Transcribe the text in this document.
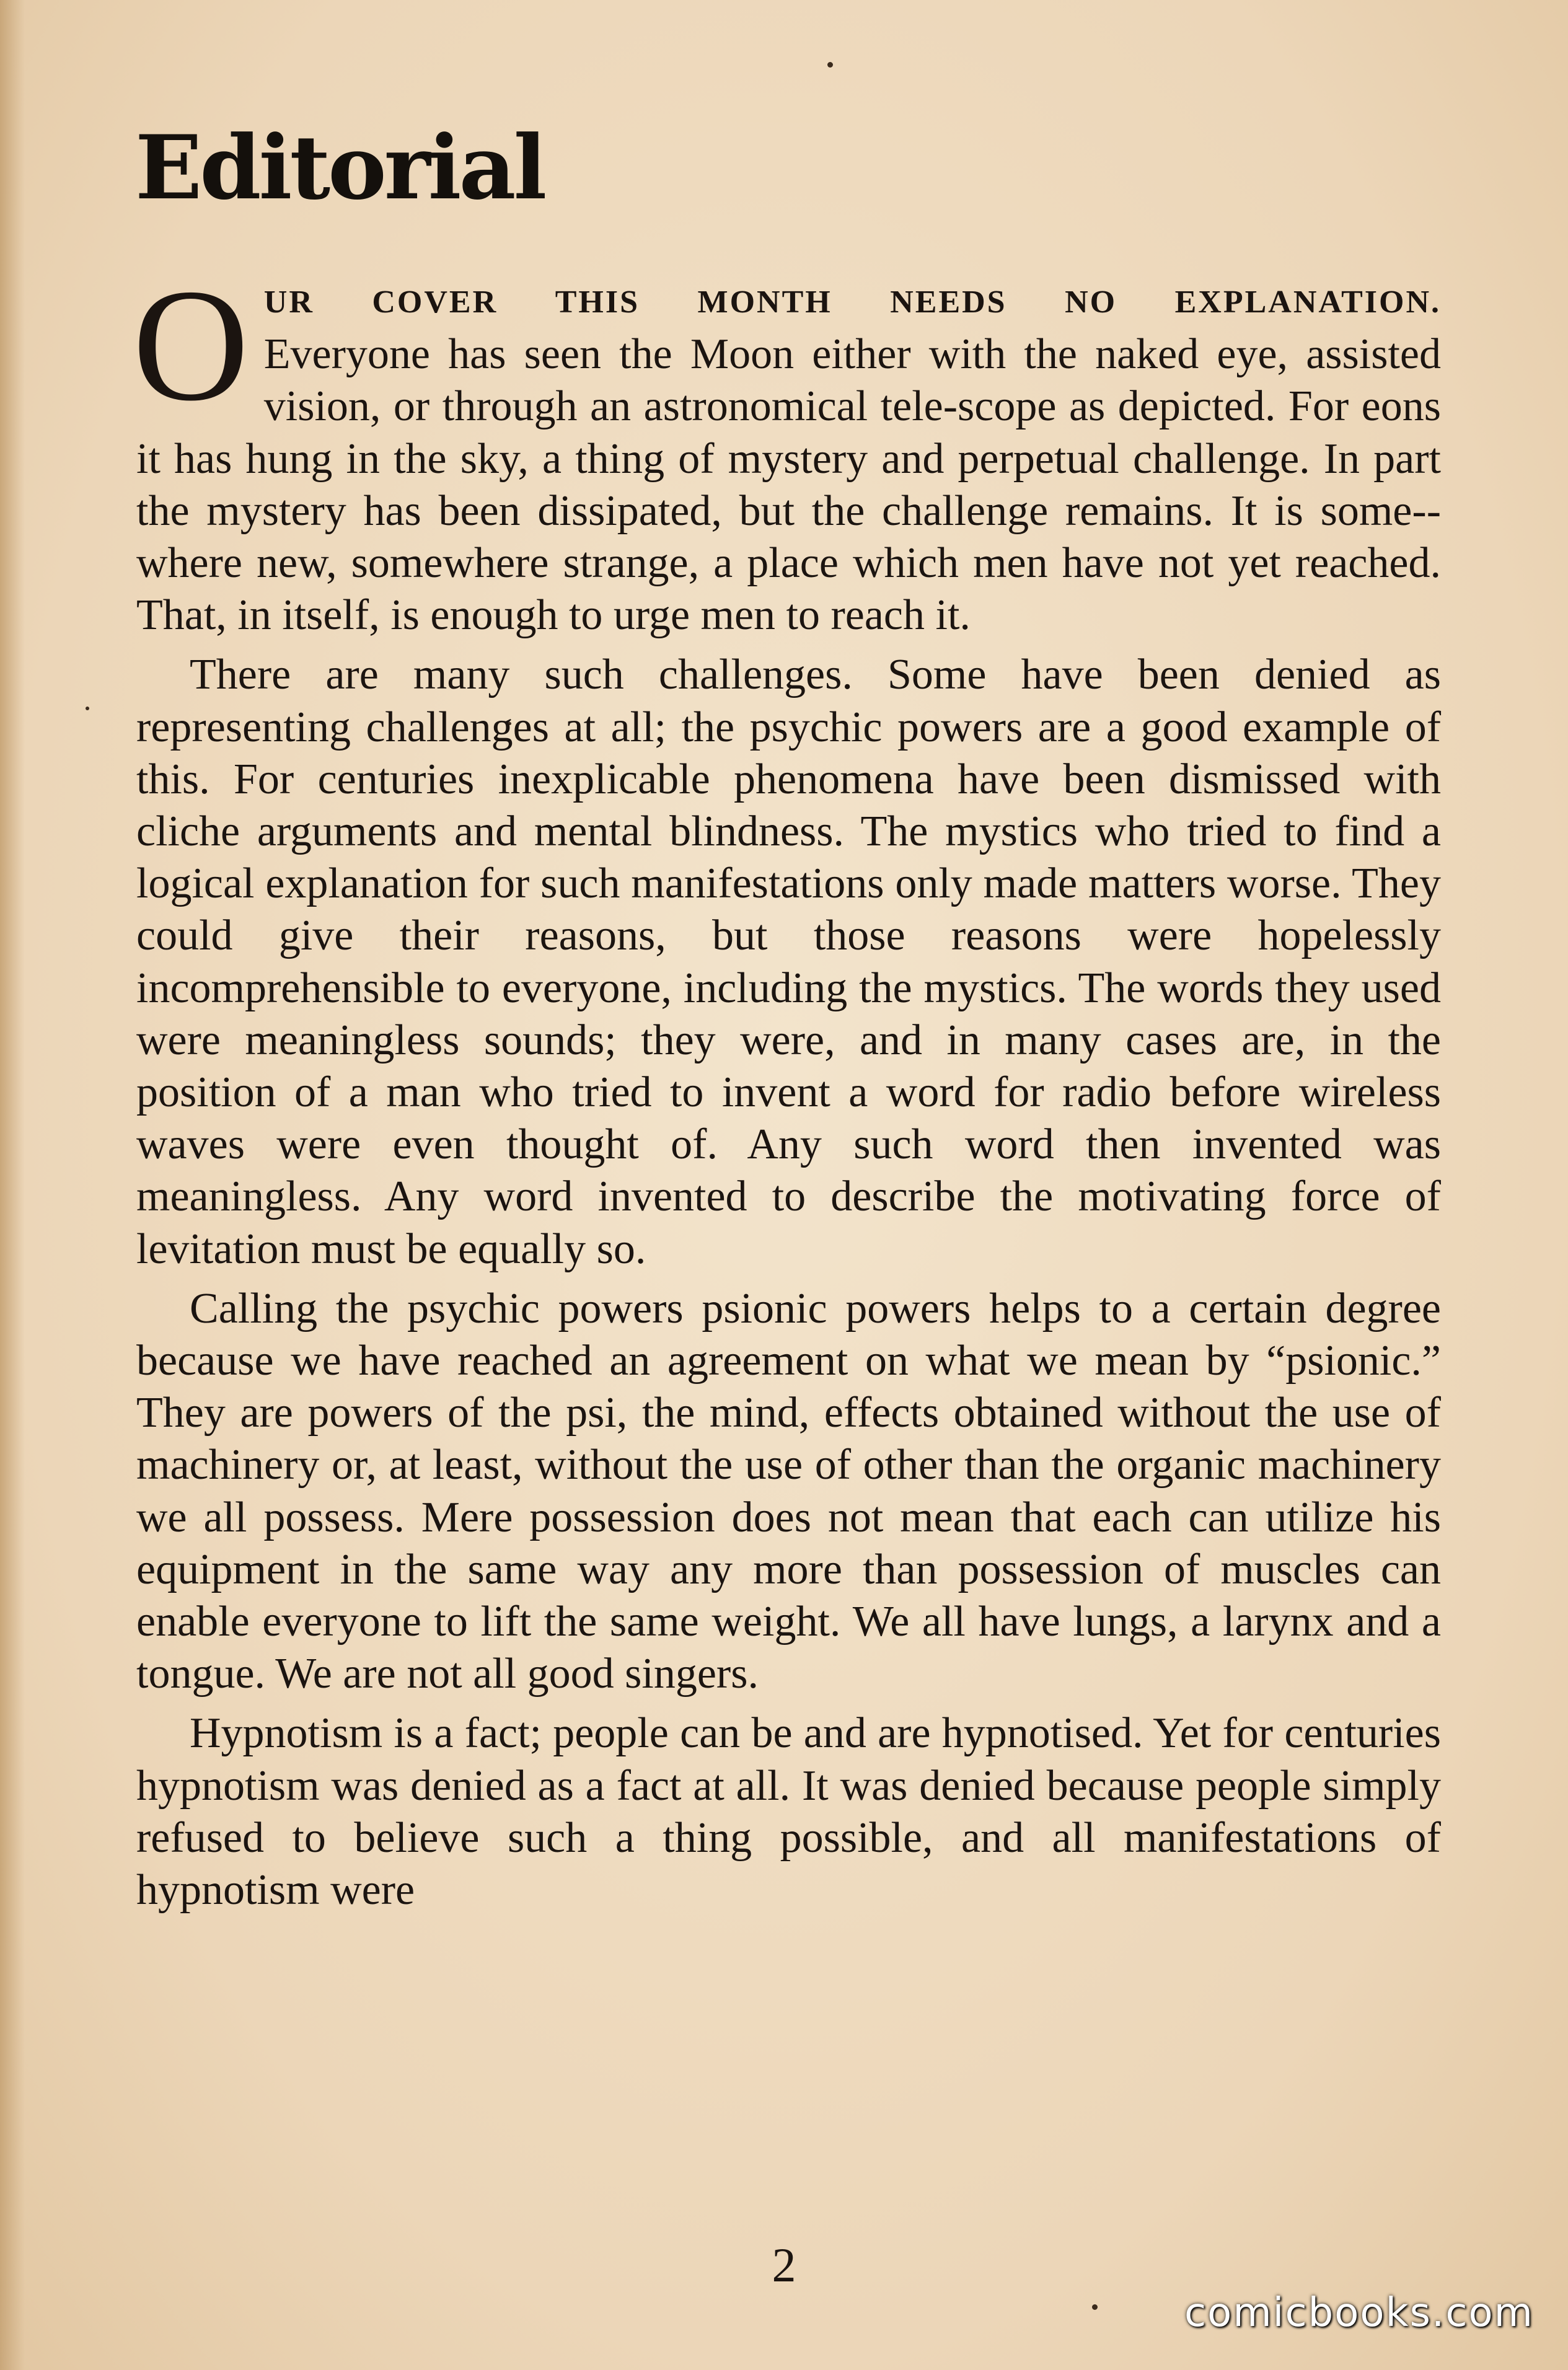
Editorial

OUR COVER THIS MONTH NEEDS NO EXPLANATION. Everyone has seen the Moon either with the naked eye, assisted vision, or through an astronomical tele-scope as depicted. For eons it has hung in the sky, a thing of mystery and perpetual challenge. In part the mystery has been dissipated, but the challenge remains. It is some-where new, somewhere strange, a place which men have not yet reached. That, in itself, is enough to urge men to reach it.

There are many such challenges. Some have been denied as representing challenges at all; the psychic powers are a good example of this. For centuries inexplicable phenomena have been dismissed with cliche arguments and mental blindness. The mystics who tried to find a logical explanation for such manifestations only made matters worse. They could give their reasons, but those reasons were hopelessly incomprehensible to everyone, including the mystics. The words they used were meaningless sounds; they were, and in many cases are, in the position of a man who tried to invent a word for radio before wireless waves were even thought of. Any such word then invented was meaningless. Any word invented to describe the motivating force of levitation must be equally so.

Calling the psychic powers psionic powers helps to a certain degree because we have reached an agreement on what we mean by “psionic.” They are powers of the psi, the mind, effects obtained without the use of machinery or, at least, without the use of other than the organic machinery we all possess. Mere possession does not mean that each can utilize his equipment in the same way any more than possession of muscles can enable everyone to lift the same weight. We all have lungs, a larynx and a tongue. We are not all good singers.

Hypnotism is a fact; people can be and are hypnotised. Yet for centuries hypnotism was denied as a fact at all. It was denied because people simply refused to believe such a thing possible, and all manifestations of hypnotism were

2
comicbooks.com
